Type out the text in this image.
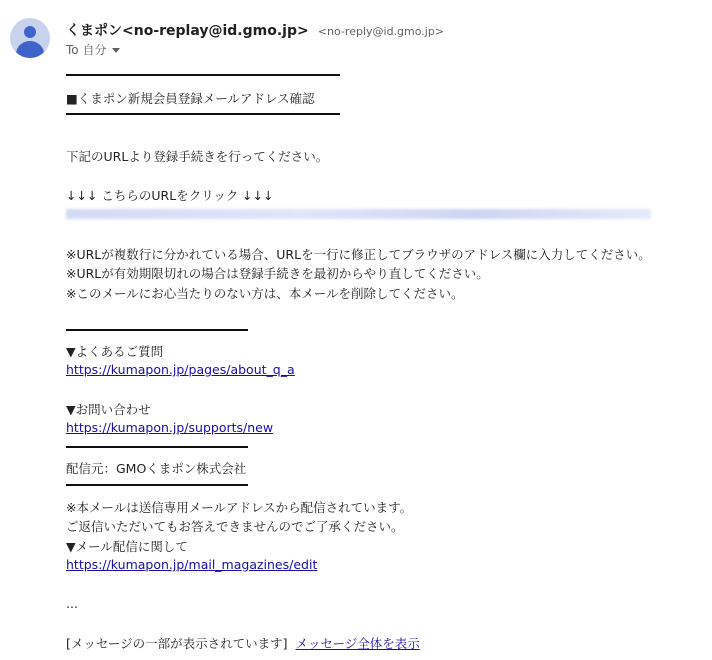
くまポン<no-replay@id.gmo.jp> <no-reply@id.gmo.jp>
To 自分
■くまポン新規会員登録メールアドレス確認
下記のURLより登録手続きを行ってください。
↓↓↓ こちらのURLをクリック ↓↓↓
※URLが複数行に分かれている場合、URLを一行に修正してブラウザのアドレス欄に入力してください。
※URLが有効期限切れの場合は登録手続きを最初からやり直してください。
※このメールにお心当たりのない方は、本メールを削除してください。
▼よくあるご質問
https://kumapon.jp/pages/about_q_a
▼お問い合わせ
https://kumapon.jp/supports/new
配信元：GMOくまポン株式会社
※本メールは送信専用メールアドレスから配信されています。
ご返信いただいてもお答えできませんのでご了承ください。
▼メール配信に関して
https://kumapon.jp/mail_magazines/edit
...
[メッセージの一部が表示されています] メッセージ全体を表示
